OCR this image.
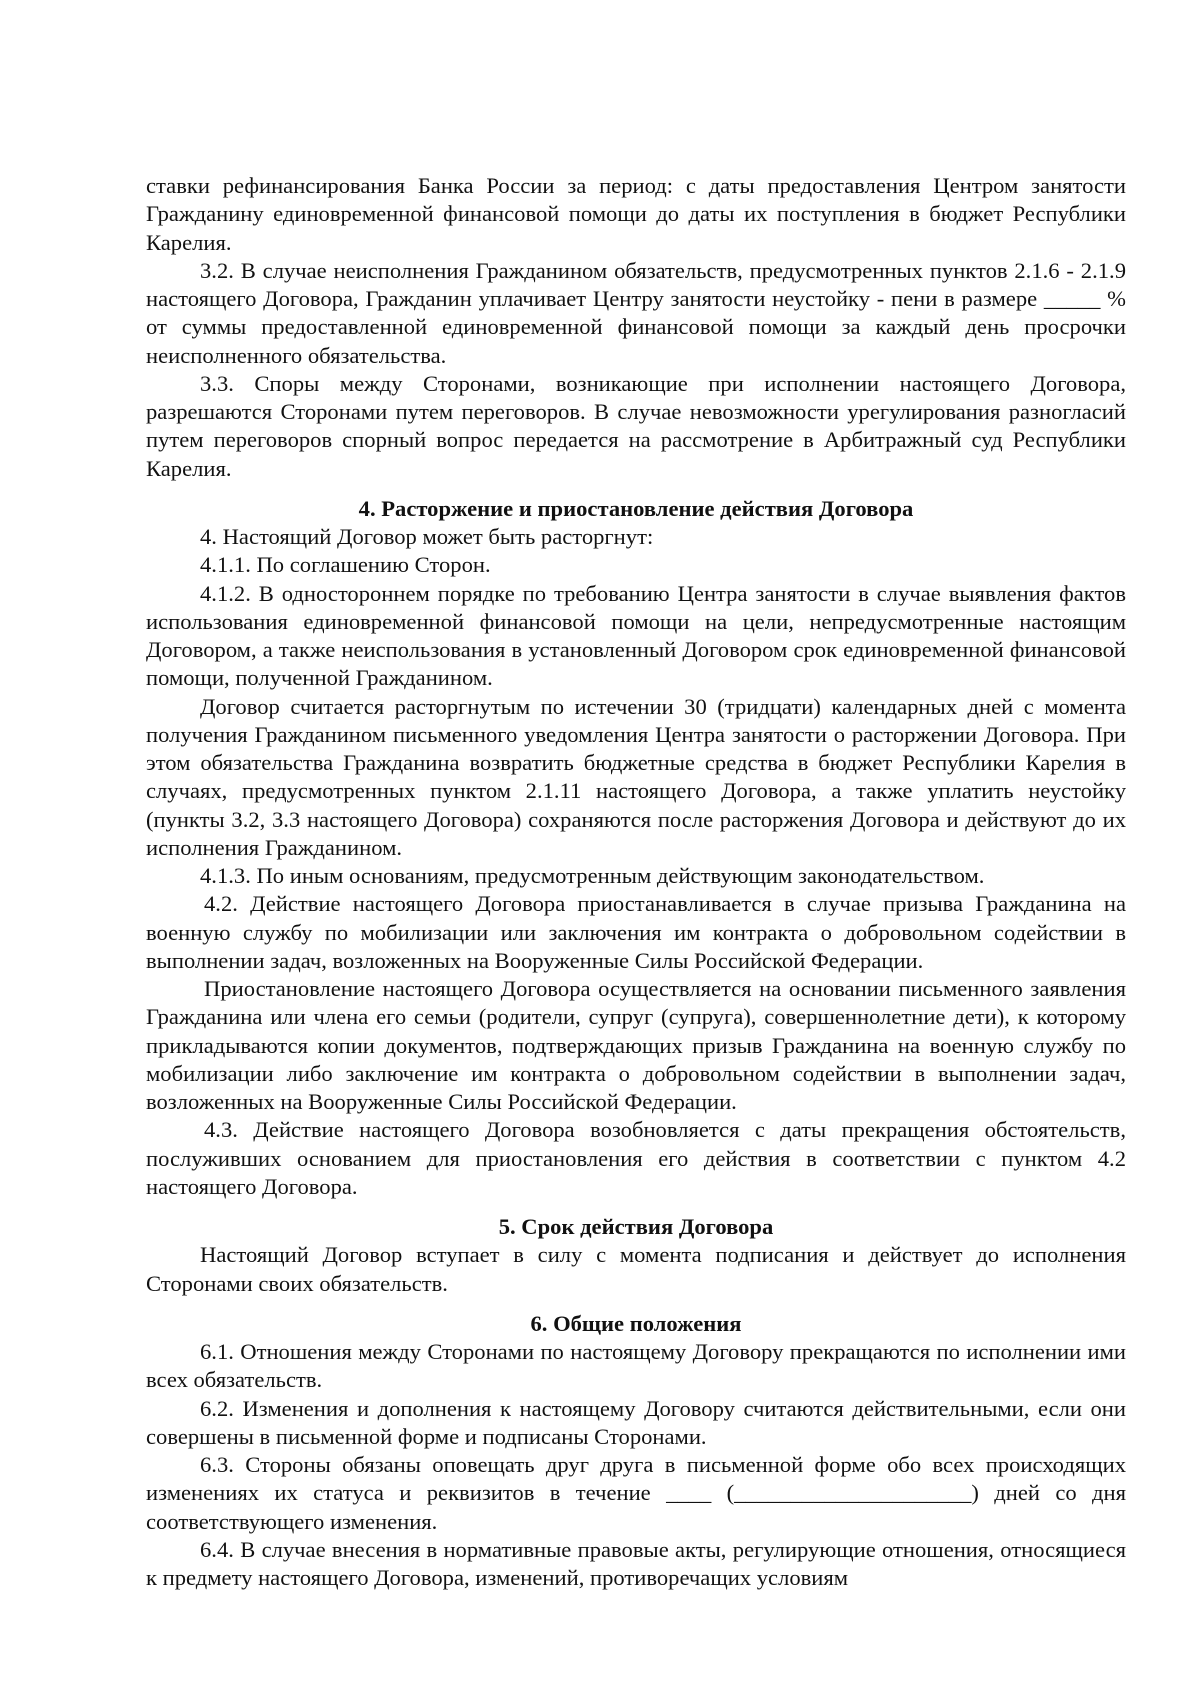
ставки рефинансирования Банка России за период: с даты предоставления Центром занятости Гражданину единовременной финансовой помощи до даты их поступления в бюджет Республики Карелия.

3.2. В случае неисполнения Гражданином обязательств, предусмотренных пунктов 2.1.6 - 2.1.9 настоящего Договора, Гражданин уплачивает Центру занятости неустойку - пени в размере _____ % от суммы предоставленной единовременной финансовой помощи за каждый день просрочки неисполненного обязательства.

3.3. Споры между Сторонами, возникающие при исполнении настоящего Договора, разрешаются Сторонами путем переговоров. В случае невозможности урегулирования разногласий путем переговоров спорный вопрос передается на рассмотрение в Арбитражный суд Республики Карелия.

4. Расторжение и приостановление действия Договора

4. Настоящий Договор может быть расторгнут:

4.1.1. По соглашению Сторон.

4.1.2. В одностороннем порядке по требованию Центра занятости в случае выявления фактов использования единовременной финансовой помощи на цели, непредусмотренные настоящим Договором, а также неиспользования в установленный Договором срок единовременной финансовой помощи, полученной Гражданином.

Договор считается расторгнутым по истечении 30 (тридцати) календарных дней с момента получения Гражданином письменного уведомления Центра занятости о расторжении Договора. При этом обязательства Гражданина возвратить бюджетные средства в бюджет Республики Карелия в случаях, предусмотренных пунктом 2.1.11 настоящего Договора, а также уплатить неустойку (пункты 3.2, 3.3 настоящего Договора) сохраняются после расторжения Договора и действуют до их исполнения Гражданином.

4.1.3. По иным основаниям, предусмотренным действующим законодательством.

4.2. Действие настоящего Договора приостанавливается в случае призыва Гражданина на военную службу по мобилизации или заключения им контракта о добровольном содействии в выполнении задач, возложенных на Вооруженные Силы Российской Федерации.

Приостановление настоящего Договора осуществляется на основании письменного заявления Гражданина или члена его семьи (родители, супруг (супруга), совершеннолетние дети), к которому прикладываются копии документов, подтверждающих призыв Гражданина на военную службу по мобилизации либо заключение им контракта о добровольном содействии в выполнении задач, возложенных на Вооруженные Силы Российской Федерации.

4.3. Действие настоящего Договора возобновляется с даты прекращения обстоятельств, послуживших основанием для приостановления его действия в соответствии с пунктом 4.2 настоящего Договора.

5. Срок действия Договора

Настоящий Договор вступает в силу с момента подписания и действует до исполнения Сторонами своих обязательств.

6. Общие положения

6.1. Отношения между Сторонами по настоящему Договору прекращаются по исполнении ими всех обязательств.

6.2. Изменения и дополнения к настоящему Договору считаются действительными, если они совершены в письменной форме и подписаны Сторонами.

6.3. Стороны обязаны оповещать друг друга в письменной форме обо всех происходящих изменениях их статуса и реквизитов в течение ____ (_____________________) дней со дня соответствующего изменения.

6.4. В случае внесения в нормативные правовые акты, регулирующие отношения, относящиеся к предмету настоящего Договора, изменений, противоречащих условиям
